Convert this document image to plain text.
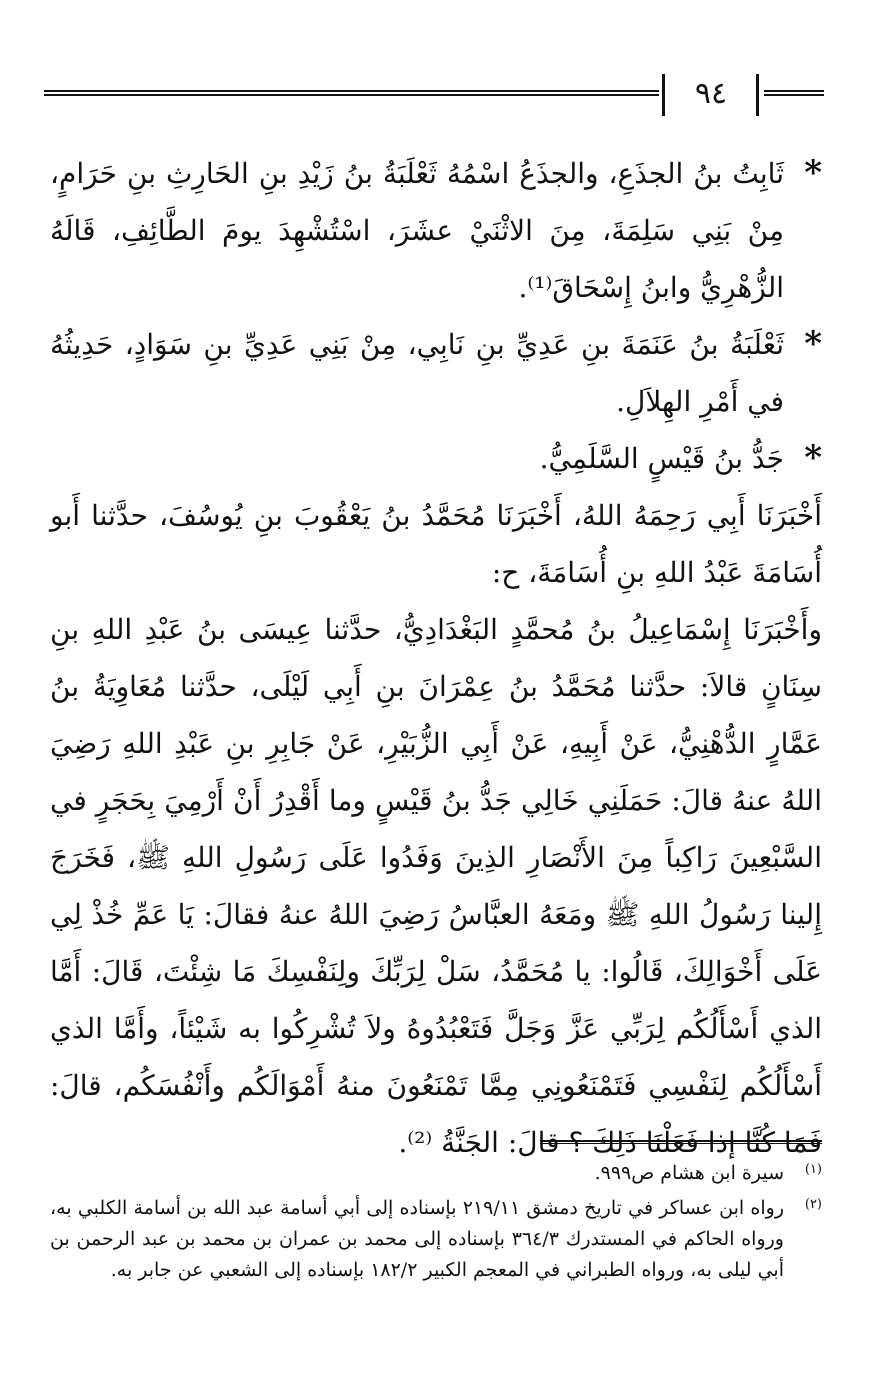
٩٤
*

ثَابِتُ بنُ الجذَعِ، والجذَعُ اسْمُهُ ثَعْلَبَةُ بنُ زَيْدِ بنِ الحَارِثِ بنِ حَرَامٍ، مِنْ بَنِي سَلِمَةَ، مِنَ الاثْنَيْ عشَرَ، اسْتُشْهِدَ يومَ الطَّائِفِ، قَالَهُ الزُّهْرِيُّ وابنُ إِسْحَاقَ⁽¹⁾.

*

ثَعْلَبَةُ بنُ عَنَمَةَ بنِ عَدِيِّ بنِ نَابِي، مِنْ بَنِي عَدِيِّ بنِ سَوَادٍ، حَدِيثُهُ في أَمْرِ الهِلاَلِ.

*

جَدُّ بنُ قَيْسٍ السَّلَمِيُّ.

أَخْبَرَنَا أَبِي رَحِمَهُ اللهُ، أَخْبَرَنَا مُحَمَّدُ بنُ يَعْقُوبَ بنِ يُوسُفَ، حدَّثنا أَبو أُسَامَةَ عَبْدُ اللهِ بنِ أُسَامَةَ، ح:

وأَخْبَرَنَا إِسْمَاعِيلُ بنُ مُحمَّدٍ البَغْدَادِيُّ، حدَّثنا عِيسَى بنُ عَبْدِ اللهِ بنِ سِنَانٍ قالاَ: حدَّثنا مُحَمَّدُ بنُ عِمْرَانَ بنِ أَبِي لَيْلَى، حدَّثنا مُعَاوِيَةُ بنُ عَمَّارٍ الدُّهْنِيُّ، عَنْ أَبِيهِ، عَنْ أَبِي الزُّبَيْرِ، عَنْ جَابِرِ بنِ عَبْدِ اللهِ رَضِيَ اللهُ عنهُ قالَ: حَمَلَنِي خَالِي جَدُّ بنُ قَيْسٍ وما أَقْدِرُ أَنْ أَرْمِيَ بِحَجَرٍ في السَّبْعِينَ رَاكِباً مِنَ الأَنْصَارِ الذِينَ وَفَدُوا عَلَى رَسُولِ اللهِ ﷺ، فَخَرَجَ إِلينا رَسُولُ اللهِ ﷺ ومَعَهُ العبَّاسُ رَضِيَ اللهُ عنهُ فقالَ: يَا عَمِّ خُذْ لِي عَلَى أَخْوَالِكَ، قَالُوا: يا مُحَمَّدُ، سَلْ لِرَبِّكَ ولِنَفْسِكَ مَا شِئْتَ، قَالَ: أَمَّا الذي أَسْأَلُكُم لِرَبِّي عَزَّ وَجَلَّ فَتَعْبُدُوهُ ولاَ تُشْرِكُوا به شَيْئاً، وأَمَّا الذي أَسْأَلُكُم لِنَفْسِي فَتَمْنَعُونِي مِمَّا تَمْنَعُونَ منهُ أَمْوَالَكُم وأَنْفُسَكُم، قالَ: فَمَا كُنَّا إذا فَعَلْنَا ذَلِكَ ؟ قالَ: الجَنَّةُ ⁽²⁾.

(١)
سيرة ابن هشام ص٩٩٩.
(٢)
رواه ابن عساكر في تاريخ دمشق ٢١٩/١١ بإسناده إلى أبي أسامة عبد الله بن أسامة الكلبي به، ورواه الحاكم في المستدرك ٣٦٤/٣ بإسناده إلى محمد بن عمران بن محمد بن عبد الرحمن بن أبي ليلى به، ورواه الطبراني في المعجم الكبير ١٨٢/٢ بإسناده إلى الشعبي عن جابر به.
